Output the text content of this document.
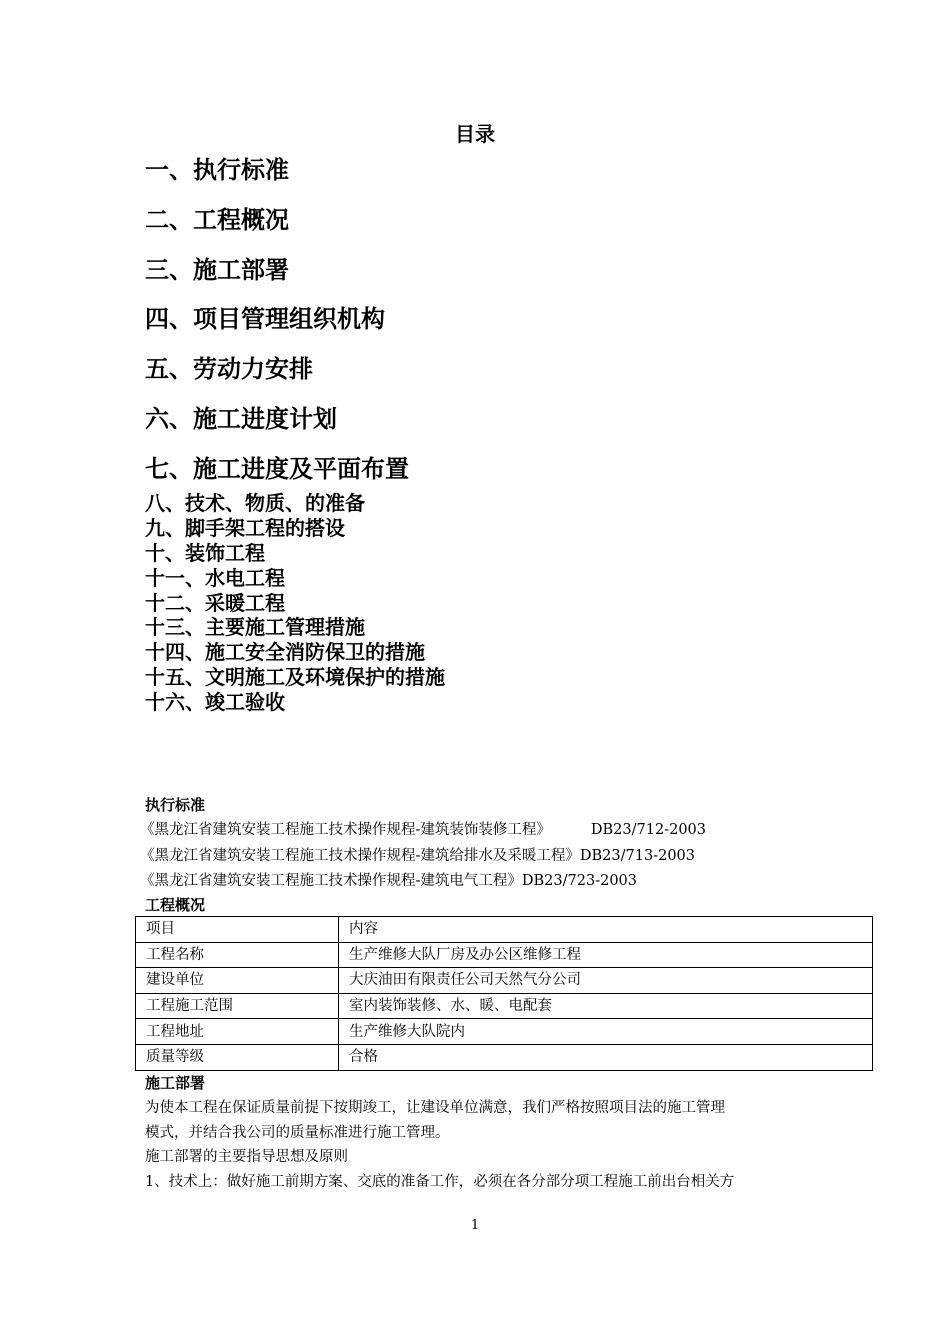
目录
一、执行标准
二、工程概况
三、施工部署
四、项目管理组织机构
五、劳动力安排
六、施工进度计划
七、施工进度及平面布置
八、技术、物质、的准备
九、脚手架工程的搭设
十、装饰工程
十一、水电工程
十二、采暖工程
十三、主要施工管理措施
十四、施工安全消防保卫的措施
十五、文明施工及环境保护的措施
十六、竣工验收
执行标准
《黑龙江省建筑安装工程施工技术操作规程-建筑装饰装修工程》	DB23/712-2003
《黑龙江省建筑安装工程施工技术操作规程-建筑给排水及采暖工程》DB23/713-2003
《黑龙江省建筑安装工程施工技术操作规程-建筑电气工程》DB23/723-2003
工程概况
项目	内容
工程名称	生产维修大队厂房及办公区维修工程
建设单位	大庆油田有限责任公司天然气分公司
工程施工范围	室内装饰装修、水、暖、电配套
工程地址	生产维修大队院内
质量等级	合格
施工部署
为使本工程在保证质量前提下按期竣工，让建设单位满意，我们严格按照项目法的施工管理
模式，并结合我公司的质量标准进行施工管理。
施工部署的主要指导思想及原则
1、技术上：做好施工前期方案、交底的准备工作，必须在各分部分项工程施工前出台相关方
1
